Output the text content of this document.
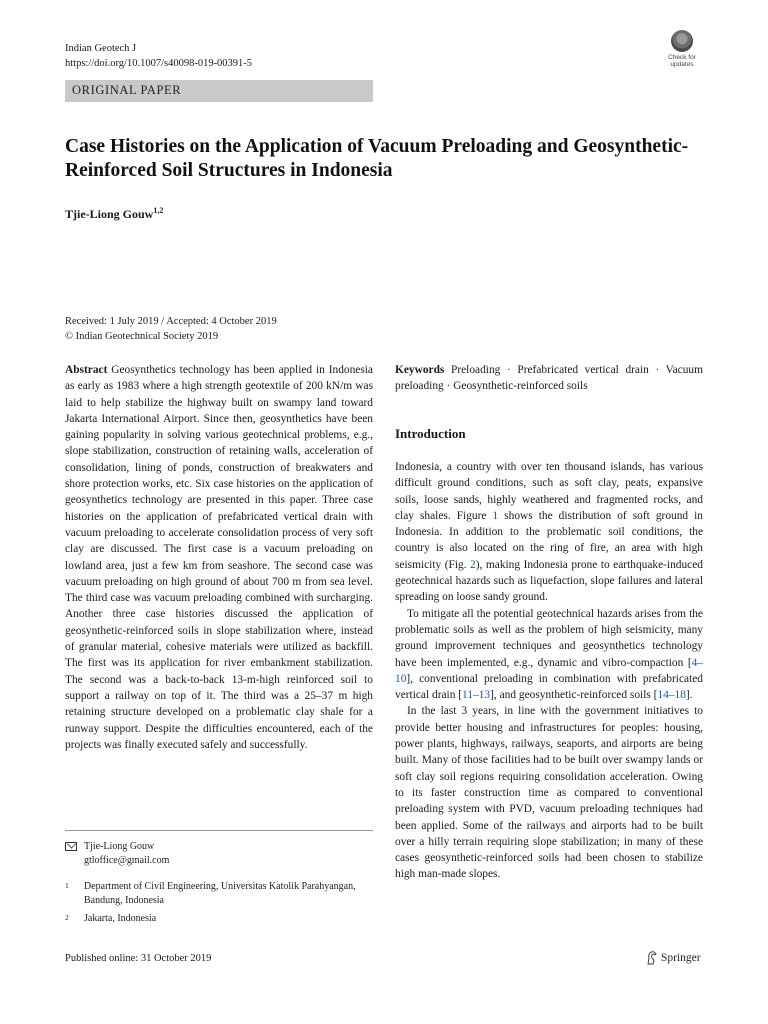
Indian Geotech J
https://doi.org/10.1007/s40098-019-00391-5
Check for
updates
ORIGINAL PAPER
Case Histories on the Application of Vacuum Preloading and Geosynthetic-Reinforced Soil Structures in Indonesia
Tjie-Liong Gouw$^{1,2}$
Received: 1 July 2019 / Accepted: 4 October 2019
© Indian Geotechnical Society 2019
Abstract Geosynthetics technology has been applied in Indonesia as early as 1983 where a high strength geotextile of 200 kN/m was laid to help stabilize the highway built on swampy land toward Jakarta International Airport. Since then, geosynthetics have been gaining popularity in solving various geotechnical problems, e.g., slope stabilization, construction of retaining walls, acceleration of consolidation, lining of ponds, construction of breakwaters and shore protection works, etc. Six case histories on the application of geosynthetics technology are presented in this paper. Three case histories on the application of prefabricated vertical drain with vacuum preloading to accelerate consolidation process of very soft clay are discussed. The first case is a vacuum preloading on lowland area, just a few km from seashore. The second case was vacuum preloading on high ground of about 700 m from sea level. The third case was vacuum preloading combined with surcharging. Another three case histories discussed the application of geosynthetic-reinforced soils in slope stabilization where, instead of granular material, cohesive materials were utilized as backfill. The first was its application for river embankment stabilization. The second was a back-to-back 13-m-high reinforced soil to support a railway on top of it. The third was a 25–37 m high retaining structure developed on a problematic clay shale for a runway support. Despite the difficulties encountered, each of the projects was finally executed safely and successfully.
Keywords Preloading · Prefabricated vertical drain · Vacuum preloading · Geosynthetic-reinforced soils
Introduction

Indonesia, a country with over ten thousand islands, has various difficult ground conditions, such as soft clay, peats, expansive soils, loose sands, highly weathered and fragmented rocks, and clay shales. Figure 1 shows the distribution of soft ground in Indonesia. In addition to the problematic soil conditions, the country is also located on the ring of fire, an area with high seismicity (Fig. 2), making Indonesia prone to earthquake-induced geotechnical hazards such as liquefaction, slope failures and lateral spreading on loose sandy ground.

To mitigate all the potential geotechnical hazards arises from the problematic soils as well as the problem of high seismicity, many ground improvement techniques and geosynthetics technology have been implemented, e.g., dynamic and vibro-compaction [4–10], conventional preloading in combination with prefabricated vertical drain [11–13], and geosynthetic-reinforced soils [14–18].

In the last 3 years, in line with the government initiatives to provide better housing and infrastructures for peoples: housing, power plants, highways, railways, seaports, and airports are being built. Many of those facilities had to be built over swampy lands or soft clay soil regions requiring consolidation acceleration. Owing to its faster construction time as compared to conventional preloading system with PVD, vacuum preloading techniques had been applied. Some of the railways and airports had to be built over a hilly terrain requiring slope stabilization; in many of these cases geosynthetic-reinforced soils had been chosen to stabilize high man-made slopes.

Tjie-Liong Gouw
gtloffice@gmail.com
1 Department of Civil Engineering, Universitas Katolik Parahyangan, Bandung, Indonesia
2 Jakarta, Indonesia
Published online: 31 October 2019	Springer
